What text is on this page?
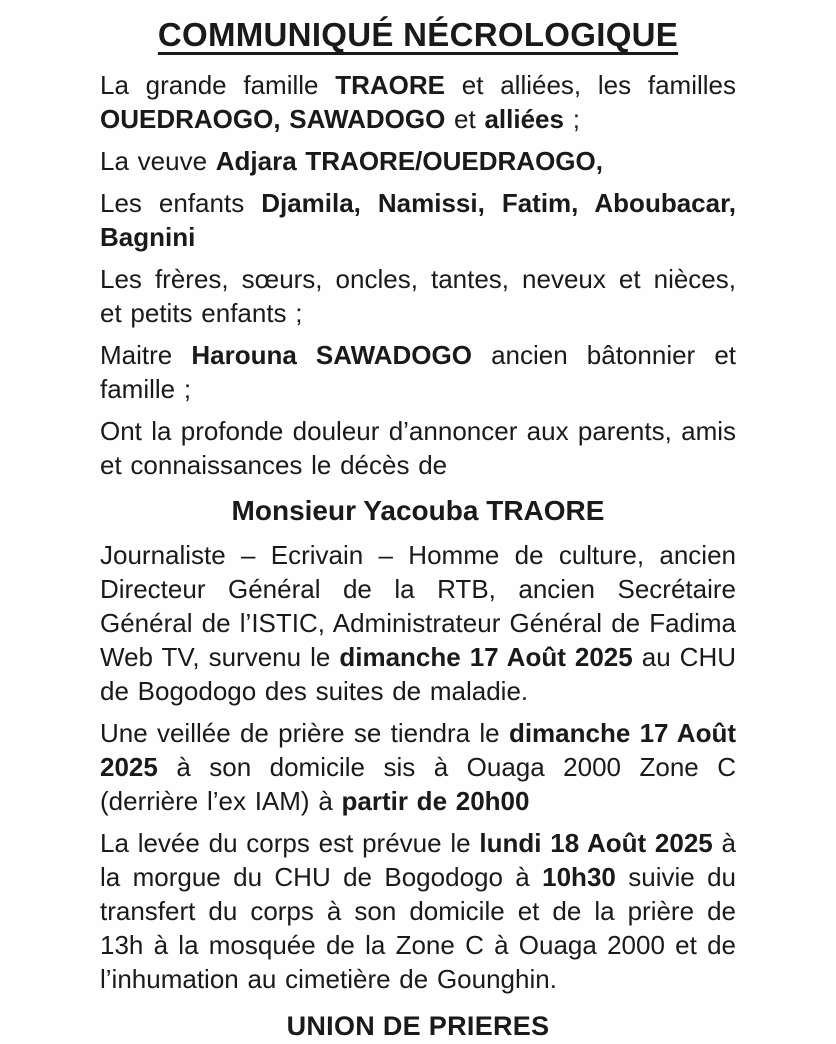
COMMUNIQUÉ NÉCROLOGIQUE

La grande famille TRAORE et alliées, les familles OUEDRAOGO, SAWADOGO et alliées ;

La veuve Adjara TRAORE/OUEDRAOGO,

Les enfants Djamila, Namissi, Fatim, Aboubacar, Bagnini

Les frères, sœurs, oncles, tantes, neveux et nièces, et petits enfants ;

Maitre Harouna SAWADOGO ancien bâtonnier et famille ;

Ont la profonde douleur d’annoncer aux parents, amis et connaissances le décès de

Monsieur Yacouba TRAORE

Journaliste – Ecrivain – Homme de culture, ancien Directeur Général de la RTB, ancien Secrétaire Général de l’ISTIC, Administrateur Général de Fadima Web TV, survenu le dimanche 17 Août 2025 au CHU de Bogodogo des suites de maladie.

Une veillée de prière se tiendra le dimanche 17 Août 2025 à son domicile sis à Ouaga 2000 Zone C (derrière l’ex IAM) à partir de 20h00

La levée du corps est prévue le lundi 18 Août 2025 à la morgue du CHU de Bogodogo à 10h30 suivie du transfert du corps à son domicile et de la prière de 13h à la mosquée de la Zone C à Ouaga 2000 et de l’inhumation au cimetière de Gounghin.

UNION DE PRIERES
